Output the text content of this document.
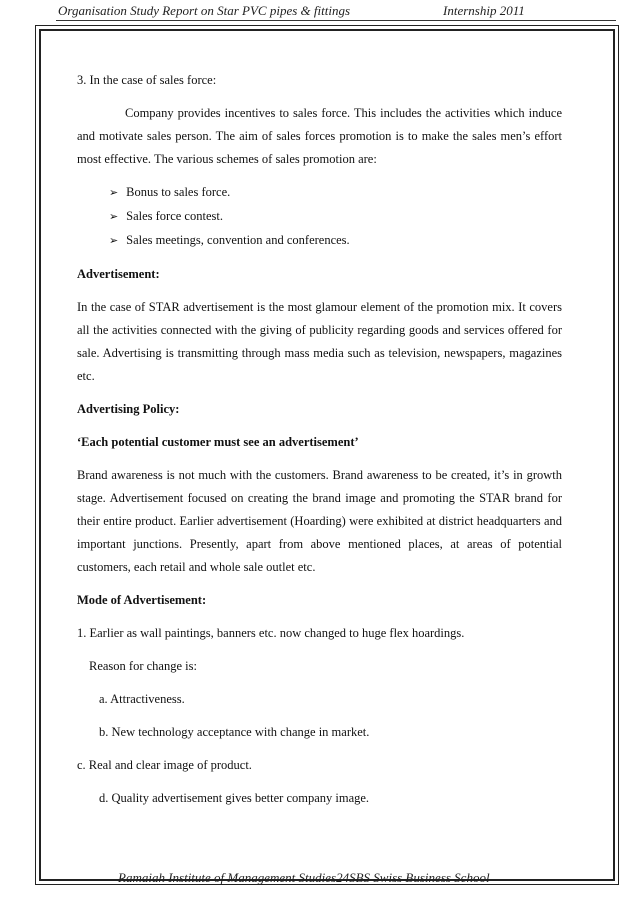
Organisation Study Report on Star PVC pipes & fittings	Internship 2011

3. In the case of sales force:

Company provides incentives to sales force. This includes the activities which induce and motivate sales person. The aim of sales forces promotion is to make the sales men’s effort most effective. The various schemes of sales promotion are:

➢ Bonus to sales force.
➢ Sales force contest.
➢ Sales meetings, convention and conferences.

Advertisement:

In the case of STAR advertisement is the most glamour element of the promotion mix. It covers all the activities connected with the giving of publicity regarding goods and services offered for sale. Advertising is transmitting through mass media such as television, newspapers, magazines etc.

Advertising Policy:

‘Each potential customer must see an advertisement’

Brand awareness is not much with the customers. Brand awareness to be created, it’s in growth stage. Advertisement focused on creating the brand image and promoting the STAR brand for their entire product. Earlier advertisement (Hoarding) were exhibited at district headquarters and important junctions. Presently, apart from above mentioned places, at areas of potential customers, each retail and whole sale outlet etc.

Mode of Advertisement:

1. Earlier as wall paintings, banners etc. now changed to huge flex hoardings.

Reason for change is:

a. Attractiveness.

b. New technology acceptance with change in market.

c. Real and clear image of product.

d. Quality advertisement gives better company image.

Ramaiah Institute of Management Studies24SBS Swiss Business School
